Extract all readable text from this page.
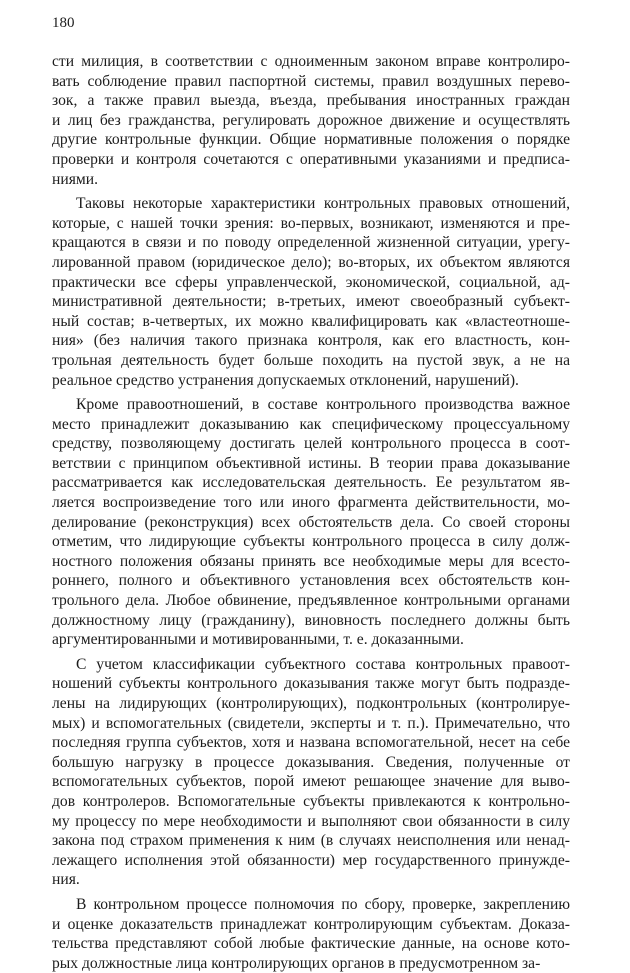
180
сти милиция, в соответствии с одноименным законом вправе контролиро-
вать соблюдение правил паспортной системы, правил воздушных перево-
зок, а также правил выезда, въезда, пребывания иностранных граждан
и лиц без гражданства, регулировать дорожное движение и осуществлять
другие контрольные функции. Общие нормативные положения о порядке
проверки и контроля сочетаются с оперативными указаниями и предписа-
ниями.
Таковы некоторые характеристики контрольных правовых отношений,
которые, с нашей точки зрения: во-первых, возникают, изменяются и пре-
кращаются в связи и по поводу определенной жизненной ситуации, урегу-
лированной правом (юридическое дело); во-вторых, их объектом являются
практически все сферы управленческой, экономической, социальной, ад-
министративной деятельности; в-третьих, имеют своеобразный субъект-
ный состав; в-четвертых, их можно квалифицировать как «властеотноше-
ния» (без наличия такого признака контроля, как его властность, кон-
трольная деятельность будет больше походить на пустой звук, а не на
реальное средство устранения допускаемых отклонений, нарушений).
Кроме правоотношений, в составе контрольного производства важное
место принадлежит доказыванию как специфическому процессуальному
средству, позволяющему достигать целей контрольного процесса в соот-
ветствии с принципом объективной истины. В теории права доказывание
рассматривается как исследовательская деятельность. Ее результатом яв-
ляется воспроизведение того или иного фрагмента действительности, мо-
делирование (реконструкция) всех обстоятельств дела. Со своей стороны
отметим, что лидирующие субъекты контрольного процесса в силу долж-
ностного положения обязаны принять все необходимые меры для всесто-
роннего, полного и объективного установления всех обстоятельств кон-
трольного дела. Любое обвинение, предъявленное контрольными органами
должностному лицу (гражданину), виновность последнего должны быть
аргументированными и мотивированными, т. е. доказанными.
С учетом классификации субъектного состава контрольных правоот-
ношений субъекты контрольного доказывания также могут быть подразде-
лены на лидирующих (контролирующих), подконтрольных (контролируе-
мых) и вспомогательных (свидетели, эксперты и т. п.). Примечательно, что
последняя группа субъектов, хотя и названа вспомогательной, несет на себе
большую нагрузку в процессе доказывания. Сведения, полученные от
вспомогательных субъектов, порой имеют решающее значение для выво-
дов контролеров. Вспомогательные субъекты привлекаются к контрольно-
му процессу по мере необходимости и выполняют свои обязанности в силу
закона под страхом применения к ним (в случаях неисполнения или ненад-
лежащего исполнения этой обязанности) мер государственного принужде-
ния.
В контрольном процессе полномочия по сбору, проверке, закреплению
и оценке доказательств принадлежат контролирующим субъектам. Доказа-
тельства представляют собой любые фактические данные, на основе кото-
рых должностные лица контролирующих органов в предусмотренном за-
